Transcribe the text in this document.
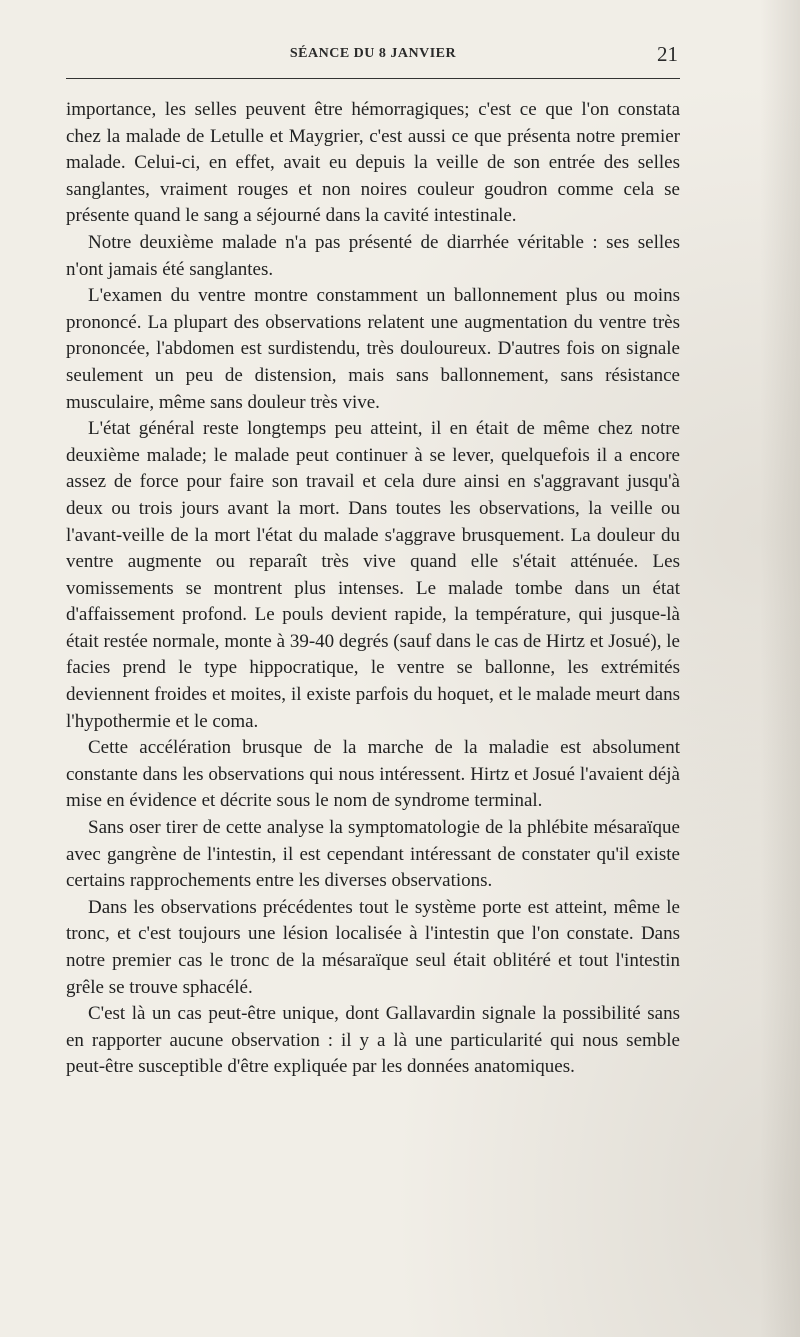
SÉANCE DU 8 JANVIER	21

importance, les selles peuvent être hémorragiques; c'est ce que l'on constata chez la malade de Letulle et Maygrier, c'est aussi ce que présenta notre premier malade. Celui-ci, en effet, avait eu depuis la veille de son entrée des selles sanglantes, vraiment rouges et non noires couleur goudron comme cela se présente quand le sang a séjourné dans la cavité intestinale.

Notre deuxième malade n'a pas présenté de diarrhée véritable : ses selles n'ont jamais été sanglantes.

L'examen du ventre montre constamment un ballonnement plus ou moins prononcé. La plupart des observations relatent une augmentation du ventre très prononcée, l'abdomen est surdistendu, très douloureux. D'autres fois on signale seulement un peu de distension, mais sans ballonnement, sans résistance musculaire, même sans douleur très vive.

L'état général reste longtemps peu atteint, il en était de même chez notre deuxième malade; le malade peut continuer à se lever, quelquefois il a encore assez de force pour faire son travail et cela dure ainsi en s'aggravant jusqu'à deux ou trois jours avant la mort. Dans toutes les observations, la veille ou l'avant-veille de la mort l'état du malade s'aggrave brusquement. La douleur du ventre augmente ou reparaît très vive quand elle s'était atténuée. Les vomissements se montrent plus intenses. Le malade tombe dans un état d'affaissement profond. Le pouls devient rapide, la température, qui jusque-là était restée normale, monte à 39-40 degrés (sauf dans le cas de Hirtz et Josué), le facies prend le type hippocratique, le ventre se ballonne, les extrémités deviennent froides et moites, il existe parfois du hoquet, et le malade meurt dans l'hypothermie et le coma.

Cette accélération brusque de la marche de la maladie est absolument constante dans les observations qui nous intéressent. Hirtz et Josué l'avaient déjà mise en évidence et décrite sous le nom de syndrome terminal.

Sans oser tirer de cette analyse la symptomatologie de la phlébite mésaraïque avec gangrène de l'intestin, il est cependant intéressant de constater qu'il existe certains rapprochements entre les diverses observations.

Dans les observations précédentes tout le système porte est atteint, même le tronc, et c'est toujours une lésion localisée à l'intestin que l'on constate. Dans notre premier cas le tronc de la mésaraïque seul était oblitéré et tout l'intestin grêle se trouve sphacélé.

C'est là un cas peut-être unique, dont Gallavardin signale la possibilité sans en rapporter aucune observation : il y a là une particularité qui nous semble peut-être susceptible d'être expliquée par les données anatomiques.
